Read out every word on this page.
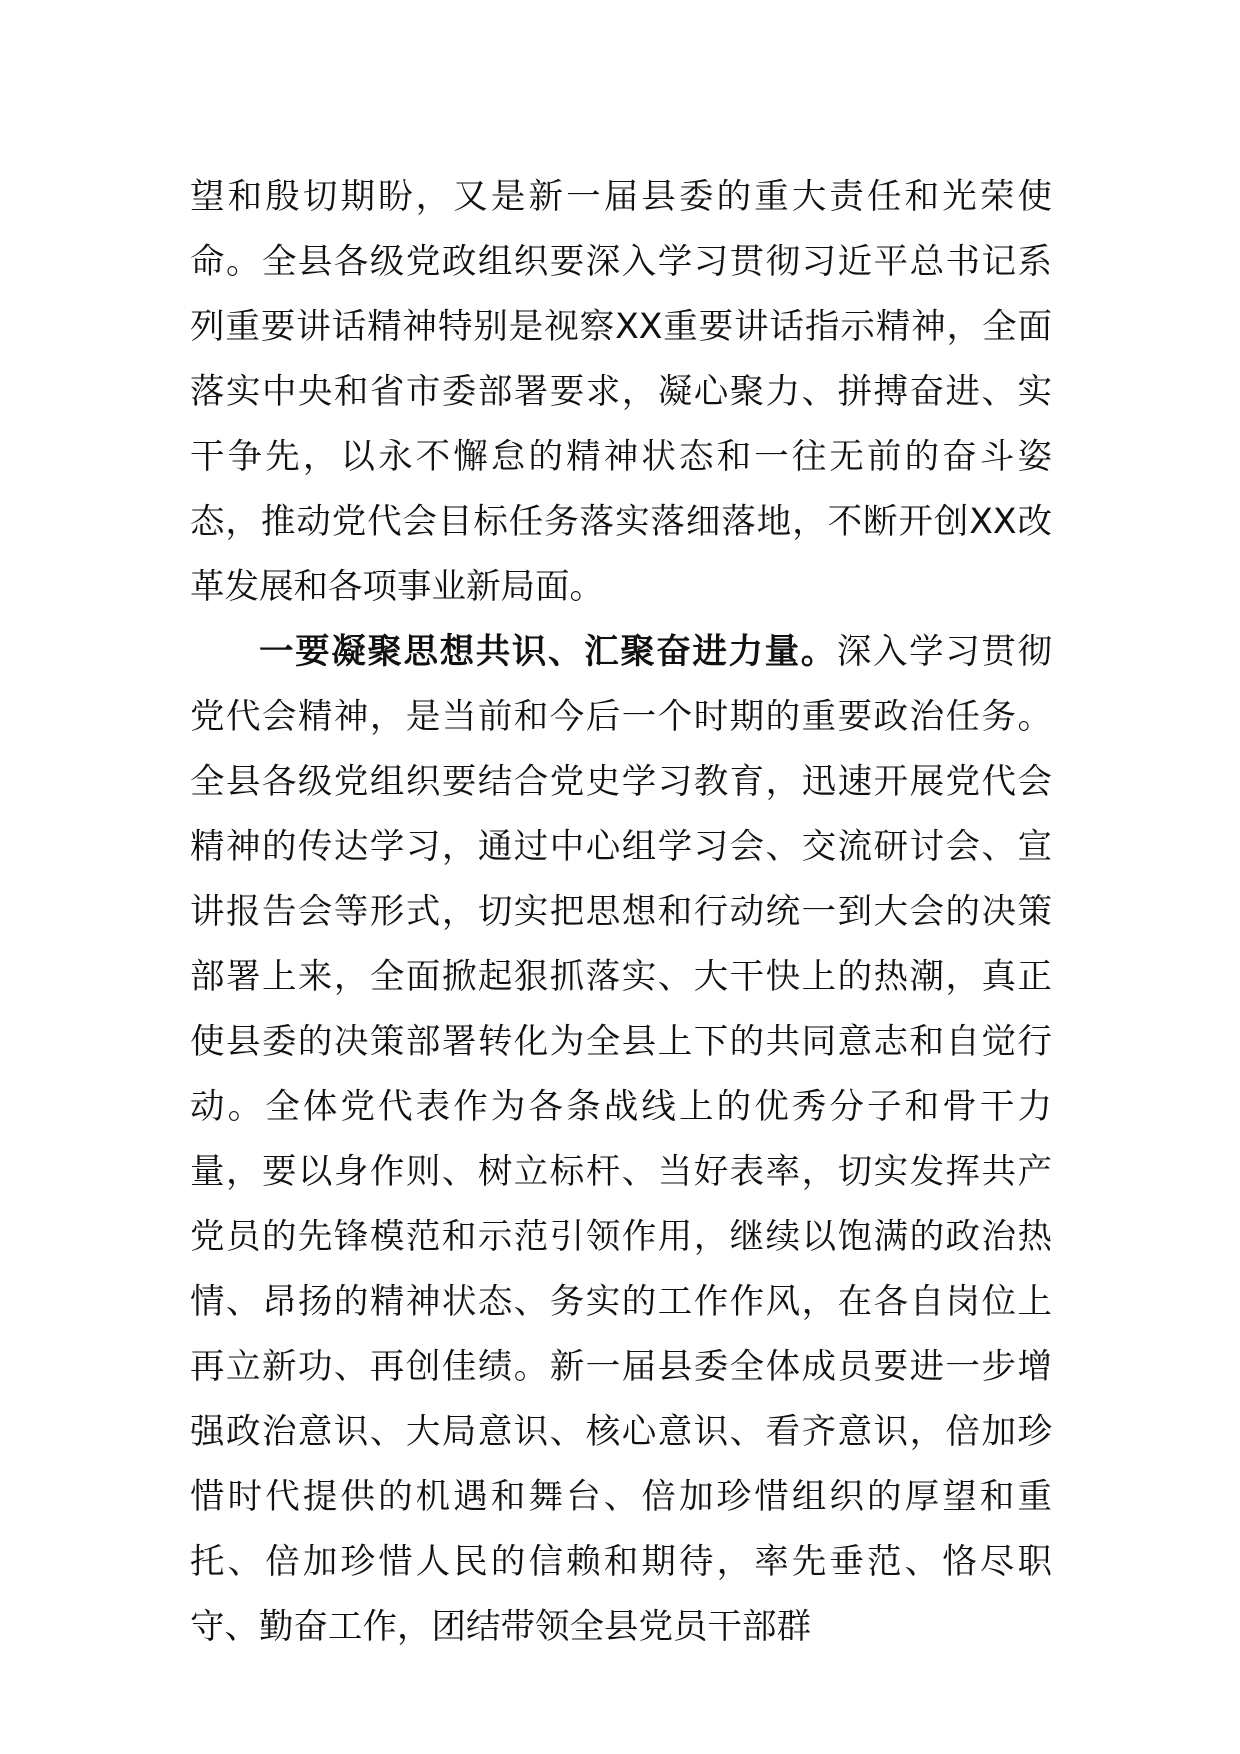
望和殷切期盼，又是新一届县委的重大责任和光荣使命。全县各级党政组织要深入学习贯彻习近平总书记系列重要讲话精神特别是视察XX重要讲话指示精神，全面落实中央和省市委部署要求，凝心聚力、拼搏奋进、实干争先，以永不懈怠的精神状态和一往无前的奋斗姿态，推动党代会目标任务落实落细落地，不断开创XX改革发展和各项事业新局面。

一要凝聚思想共识、汇聚奋进力量。深入学习贯彻党代会精神，是当前和今后一个时期的重要政治任务。全县各级党组织要结合党史学习教育，迅速开展党代会精神的传达学习，通过中心组学习会、交流研讨会、宣讲报告会等形式，切实把思想和行动统一到大会的决策部署上来，全面掀起狠抓落实、大干快上的热潮，真正使县委的决策部署转化为全县上下的共同意志和自觉行动。全体党代表作为各条战线上的优秀分子和骨干力量，要以身作则、树立标杆、当好表率，切实发挥共产党员的先锋模范和示范引领作用，继续以饱满的政治热情、昂扬的精神状态、务实的工作作风，在各自岗位上再立新功、再创佳绩。新一届县委全体成员要进一步增强政治意识、大局意识、核心意识、看齐意识，倍加珍惜时代提供的机遇和舞台、倍加珍惜组织的厚望和重托、倍加珍惜人民的信赖和期待，率先垂范、恪尽职守、勤奋工作，团结带领全县党员干部群
